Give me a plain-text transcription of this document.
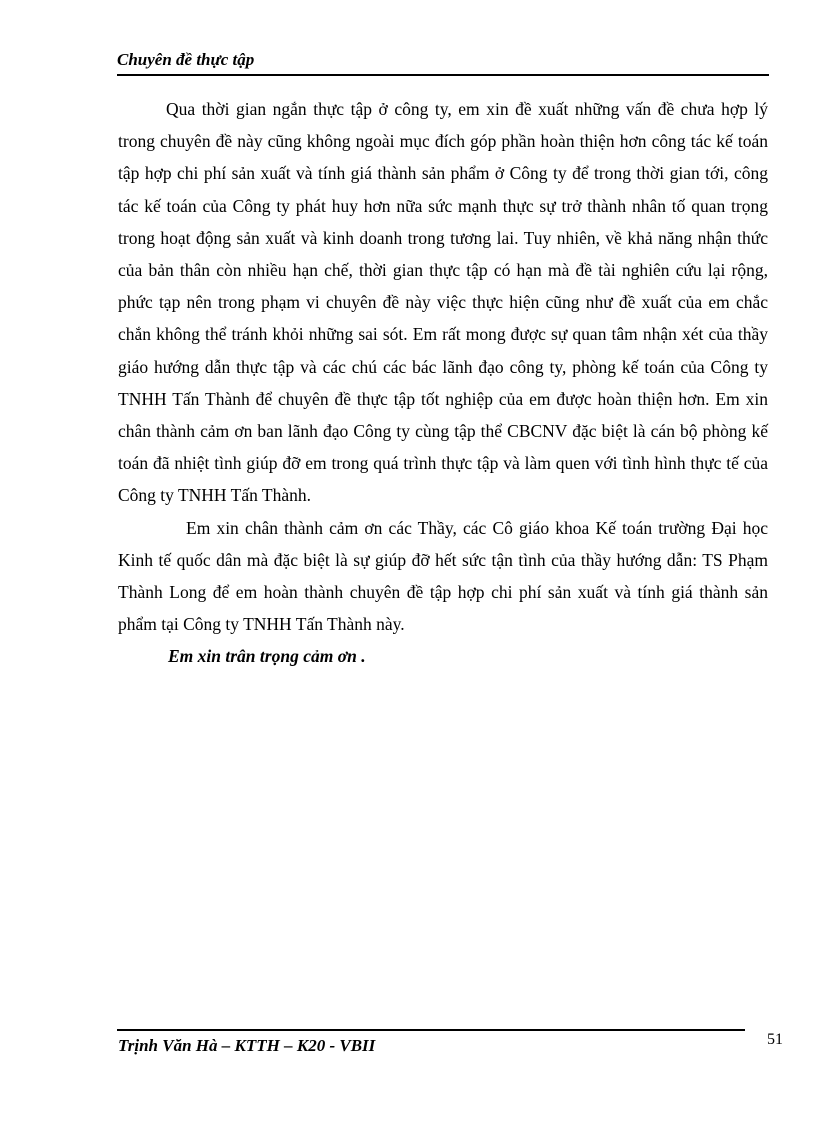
Chuyên đề thực tập

Qua thời gian ngắn thực tập ở công ty, em xin đề xuất những vấn đề chưa hợp lý trong chuyên đề này cũng không ngoài mục đích góp phần hoàn thiện hơn công tác kế toán tập hợp chi phí sản xuất và tính giá thành sản phẩm ở Công ty để trong thời gian tới, công tác kế toán của Công ty phát huy hơn nữa sức mạnh thực sự trở thành nhân tố quan trọng trong hoạt động sản xuất và kinh doanh trong tương lai. Tuy nhiên, về khả năng nhận thức của bản thân còn nhiều hạn chế, thời gian thực tập có hạn mà đề tài nghiên cứu lại rộng, phức tạp nên trong phạm vi chuyên đề này việc thực hiện cũng như đề xuất của em chắc chắn không thể tránh khỏi những sai sót. Em rất mong được sự quan tâm nhận xét của thầy giáo hướng dẫn thực tập và các chú các bác lãnh đạo công ty, phòng kế toán của Công ty TNHH Tấn Thành để chuyên đề thực tập tốt nghiệp của em được hoàn thiện hơn. Em xin chân thành cảm ơn ban lãnh đạo Công ty cùng tập thể CBCNV đặc biệt là cán bộ phòng kế toán đã nhiệt tình giúp đỡ em trong quá trình thực tập và làm quen với tình hình thực tế của Công ty TNHH Tấn Thành.

Em xin chân thành cảm ơn các Thầy, các Cô giáo khoa Kế toán trường Đại học Kinh tế quốc dân mà đặc biệt là sự giúp đỡ hết sức tận tình của thầy hướng dẫn: TS Phạm Thành Long để em hoàn thành chuyên đề tập hợp chi phí sản xuất và tính giá thành sản phẩm tại Công ty TNHH Tấn Thành này.

Em xin trân trọng cảm ơn .

Trịnh Văn Hà – KTTH – K20 - VBII	51
